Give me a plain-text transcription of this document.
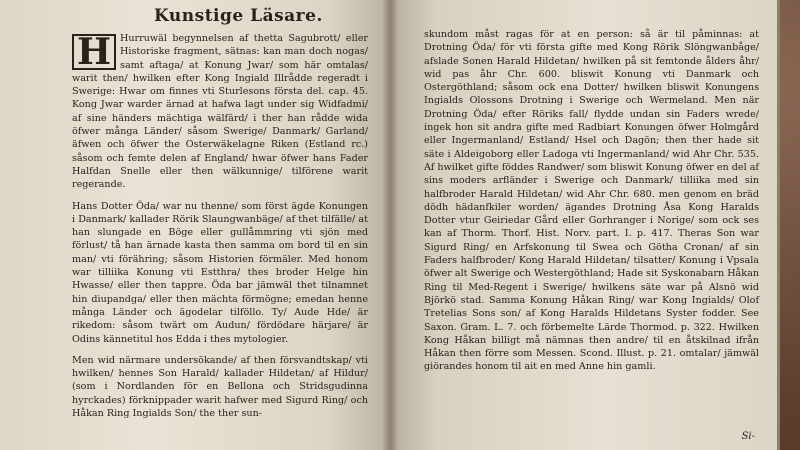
Kunstige Läsare.

H Hurruwäl begynnelsen af thetta Sagubrott/ eller Historiske fragment, sätnas: kan man doch nogas/ samt aftaga/ at Konung Jwar/ som här omtalas/ warit then/ hwilken efter Kong Ingiald Illrådde regeradt i Swerige: Hwar om finnes vti Sturlesons första del. cap. 45. Kong Jwar warder ärnad at hafwa lagt under sig Widfadmi/ af sine händers mächtiga wälfärd/ i ther han rådde wida öfwer många Länder/ såsom Swerige/ Danmark/ Garland/ äfwen och öfwer the Osterwäkelagne Riken (Estland rc.) såsom och femte delen af England/ hwar öfwer hans Fader Halfdan Snelle eller then wälkunnige/ tilförene warit regerande.

Hans Dotter Öda/ war nu thenne/ som först ägde Konungen i Danmark/ kallader Rörik Slaungwanbäge/ af thet tilfälle/ at han slungade en Böge eller gullåmmring vti sjön med förlust/ tå han ärnade kasta then samma om bord til en sin man/ vti förähring; såsom Historien förmäler. Med honom war tilliika Konung vti Estthra/ thes broder Helge hin Hwasse/ eller then tappre. Öda bar jämwäl thet tilnamnet hin diupandga/ eller then mächta förmögne; emedan henne många Länder och ägodelar tilföllo. Ty/ Aude Hde/ är rikedom: såsom twärt om Audun/ fördödare härjare/ är Odins kännetitul hos Edda i thes mytologier.

Men wid närmare undersökande/ af then försvandtskap/ vti hwilken/ hennes Son Harald/ kallader Hildetan/ af Hildur/ (som i Nordlanden för en Bellona och Stridsgudinna hyrckades) förknippader warit hafwer med Sigurd Ring/ och Håkan Ring Ingialds Son/ the ther sun-

skundom måst ragas för at en person: så är til påminnas: at Drotning Öda/ för vti första gifte med Kong Rörik Slöngwanbåge/ afslade Sonen Harald Hildetan/ hwilken på sit femtonde ålders åhr/ wid pas åhr Chr. 600. bliswit Konung vti Danmark och Ostergöthland; såsom ock ena Dotter/ hwilken bliswit Konungens Ingialds Olossons Drotning i Swerige och Wermeland. Men när Drotning Öda/ efter Röriks fall/ flydde undan sin Faders wrede/ ingek hon sit andra gifte med Radbiart Konungen öfwer Holmgård eller Ingermanland/ Estland/ Hsel och Dagön; then ther hade sit säte i Aldeigoborg eller Ladoga vti Ingermanland/ wid Ahr Chr. 535. Af hwilket gifte föddes Randwer/ som bliswit Konung öfwer en del af sins moders arfländer i Swerige och Danmark/ tilliika med sin halfbroder Harald Hildetan/ wid Ahr Chr. 680. men genom en bräd dödh hädanfkiler worden/ ägandes Drotning Åsa Kong Haralds Dotter vtur Geiriedar Gård eller Gorhranger i Norige/ som ock ses kan af Thorm. Thorf. Hist. Norv. part. I. p. 417. Theras Son war Sigurd Ring/ en Arfskonung til Swea och Götha Cronan/ af sin Faders halfbroder/ Kong Harald Hildetan/ tilsatter/ Konung i Vpsala öfwer alt Swerige och Westergöthland; Hade sit Syskonabarn Håkan Ring til Med-Regent i Swerige/ hwilkens säte war på Alsnö wid Björkö stad. Samma Konung Håkan Ring/ war Kong Ingialds/ Olof Tretelias Sons son/ af Kong Haralds Hildetans Syster fodder. See Saxon. Gram. L. 7. och förbemelte Lärde Thormod. p. 322. Hwilken Kong Håkan billigt må nämnas then andre/ til en åtskilnad ifrån Håkan then förre som Messen. Scond. Illust. p. 21. omtalar/ jämwäl giörandes honom til ait en med Anne hin gamli.

Si-
